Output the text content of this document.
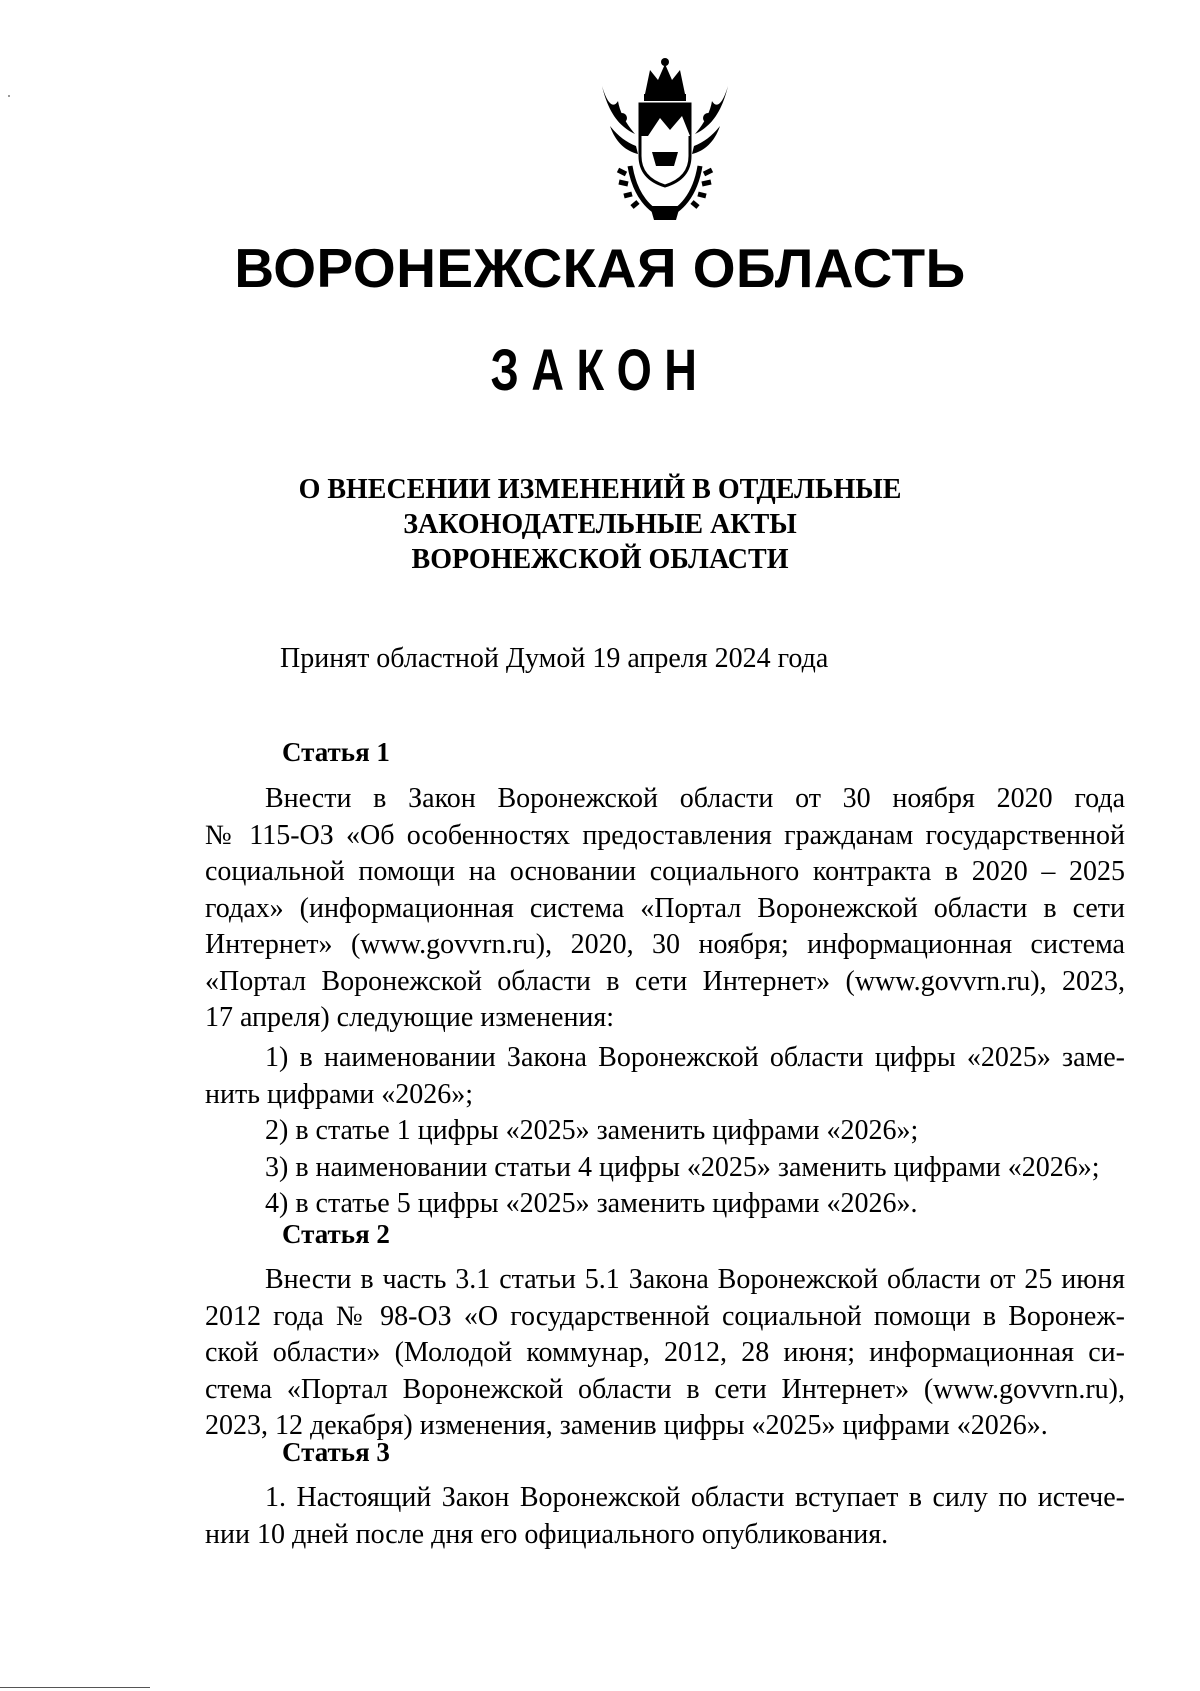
ВОРОНЕЖСКАЯ ОБЛАСТЬ
ЗАКОН
О ВНЕСЕНИИ ИЗМЕНЕНИЙ В ОТДЕЛЬНЫЕ
ЗАКОНОДАТЕЛЬНЫЕ АКТЫ
ВОРОНЕЖСКОЙ ОБЛАСТИ
Принят областной Думой 19 апреля 2024 года
Статья 1
Внести в Закон Воронежской области от 30 ноября 2020 года
№ 115-ОЗ «Об особенностях предоставления гражданам государственной
социальной помощи на основании социального контракта в 2020 – 2025
годах» (информационная система «Портал Воронежской области в сети
Интернет» (www.govvrn.ru), 2020, 30 ноября; информационная система
«Портал Воронежской области в сети Интернет» (www.govvrn.ru), 2023,
17 апреля) следующие изменения:
1) в наименовании Закона Воронежской области цифры «2025» заме-
нить цифрами «2026»;
2) в статье 1 цифры «2025» заменить цифрами «2026»;
3) в наименовании статьи 4 цифры «2025» заменить цифрами «2026»;
4) в статье 5 цифры «2025» заменить цифрами «2026».
Статья 2
Внести в часть 3.1 статьи 5.1 Закона Воронежской области от 25 июня
2012 года № 98-ОЗ «О государственной социальной помощи в Воронеж-
ской области» (Молодой коммунар, 2012, 28 июня; информационная си-
стема «Портал Воронежской области в сети Интернет» (www.govvrn.ru),
2023, 12 декабря) изменения, заменив цифры «2025» цифрами «2026».
Статья 3
1. Настоящий Закон Воронежской области вступает в силу по истече-
нии 10 дней после дня его официального опубликования.
